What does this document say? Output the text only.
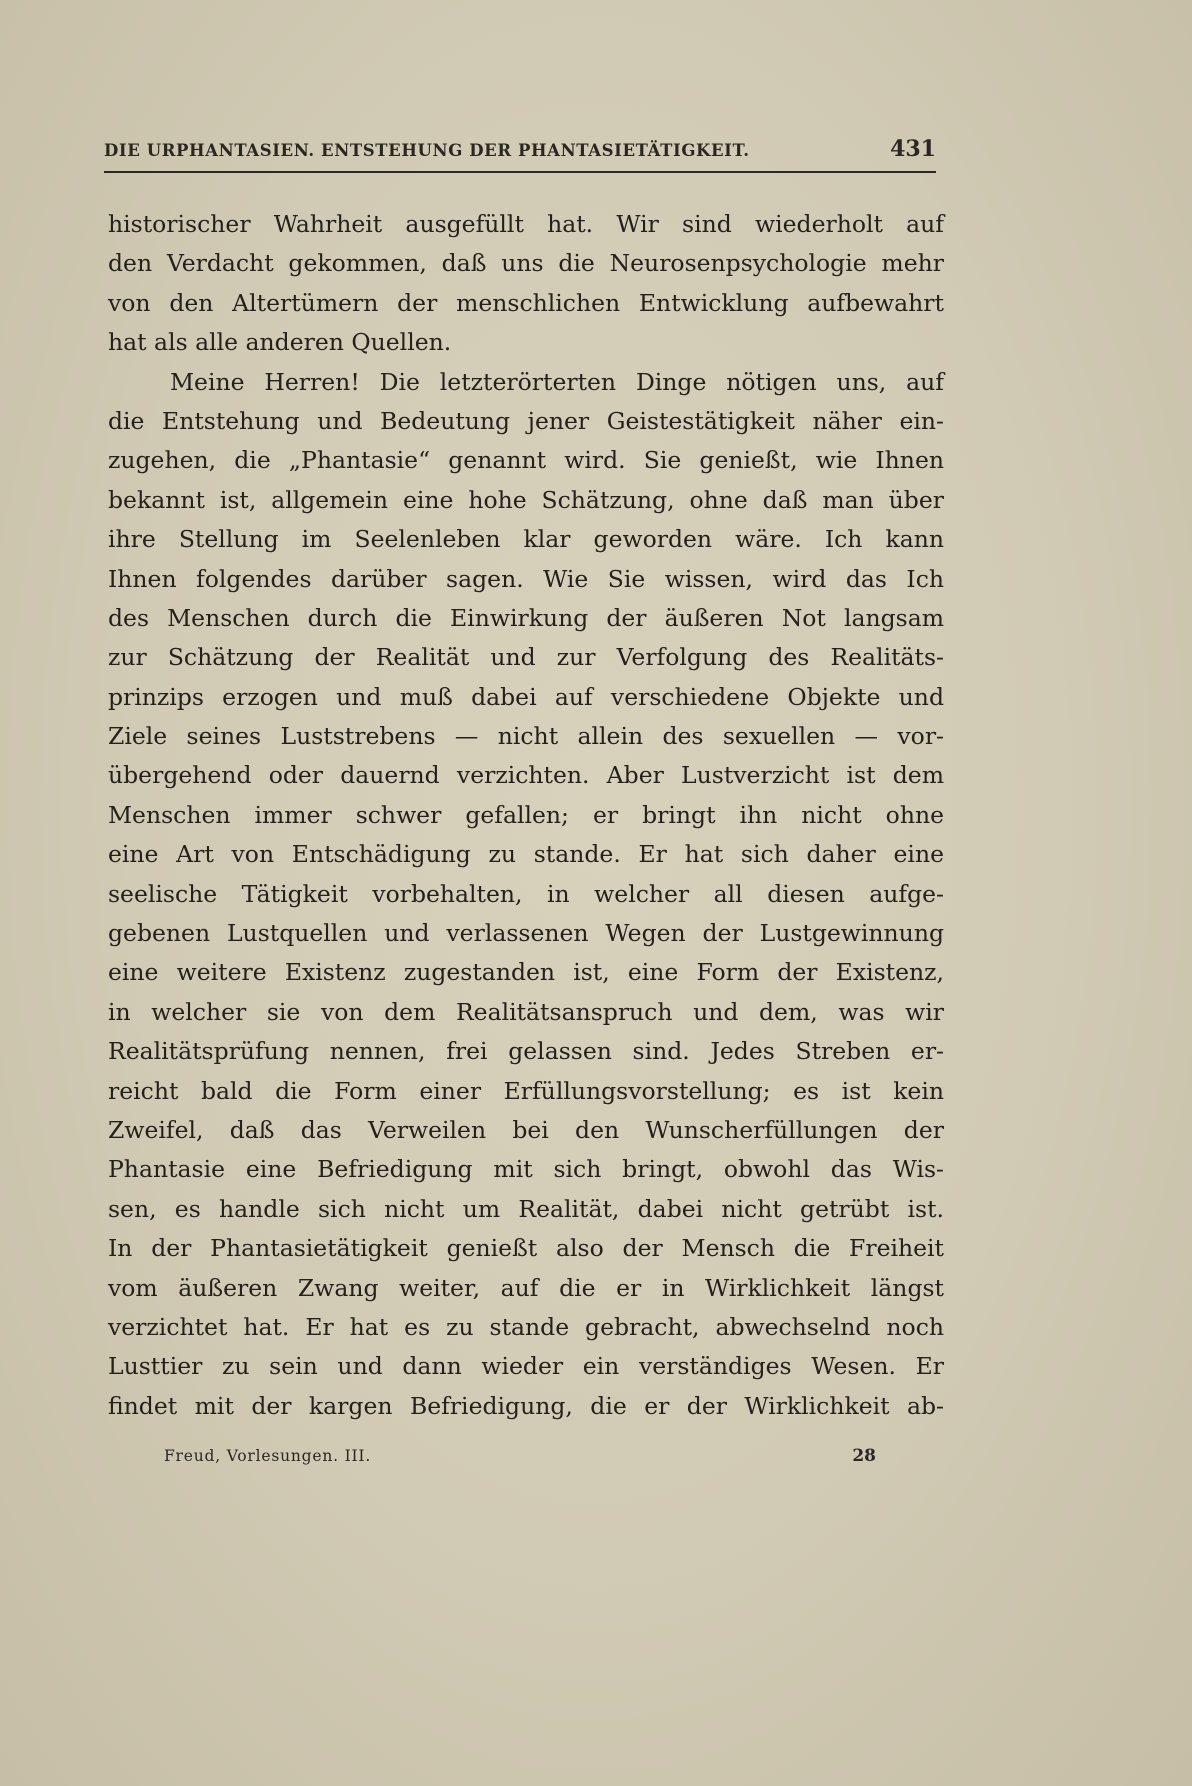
DIE URPHANTASIEN. ENTSTEHUNG DER PHANTASIETÄTIGKEIT.	431
historischer Wahrheit ausgefüllt hat. Wir sind wiederholt auf
den Verdacht gekommen, daß uns die Neurosenpsychologie mehr
von den Altertümern der menschlichen Entwicklung aufbewahrt
hat als alle anderen Quellen.
Meine Herren! Die letzterörterten Dinge nötigen uns, auf
die Entstehung und Bedeutung jener Geistestätigkeit näher ein-
zugehen, die „Phantasie“ genannt wird. Sie genießt, wie Ihnen
bekannt ist, allgemein eine hohe Schätzung, ohne daß man über
ihre Stellung im Seelenleben klar geworden wäre. Ich kann
Ihnen folgendes darüber sagen. Wie Sie wissen, wird das Ich
des Menschen durch die Einwirkung der äußeren Not langsam
zur Schätzung der Realität und zur Verfolgung des Realitäts-
prinzips erzogen und muß dabei auf verschiedene Objekte und
Ziele seines Luststrebens — nicht allein des sexuellen — vor-
übergehend oder dauernd verzichten. Aber Lustverzicht ist dem
Menschen immer schwer gefallen; er bringt ihn nicht ohne
eine Art von Entschädigung zu stande. Er hat sich daher eine
seelische Tätigkeit vorbehalten, in welcher all diesen aufge-
gebenen Lustquellen und verlassenen Wegen der Lustgewinnung
eine weitere Existenz zugestanden ist, eine Form der Existenz,
in welcher sie von dem Realitätsanspruch und dem, was wir
Realitätsprüfung nennen, frei gelassen sind. Jedes Streben er-
reicht bald die Form einer Erfüllungsvorstellung; es ist kein
Zweifel, daß das Verweilen bei den Wunscherfüllungen der
Phantasie eine Befriedigung mit sich bringt, obwohl das Wis-
sen, es handle sich nicht um Realität, dabei nicht getrübt ist.
In der Phantasietätigkeit genießt also der Mensch die Freiheit
vom äußeren Zwang weiter, auf die er in Wirklichkeit längst
verzichtet hat. Er hat es zu stande gebracht, abwechselnd noch
Lusttier zu sein und dann wieder ein verständiges Wesen. Er
findet mit der kargen Befriedigung, die er der Wirklichkeit ab-
Freud, Vorlesungen. III.	28
